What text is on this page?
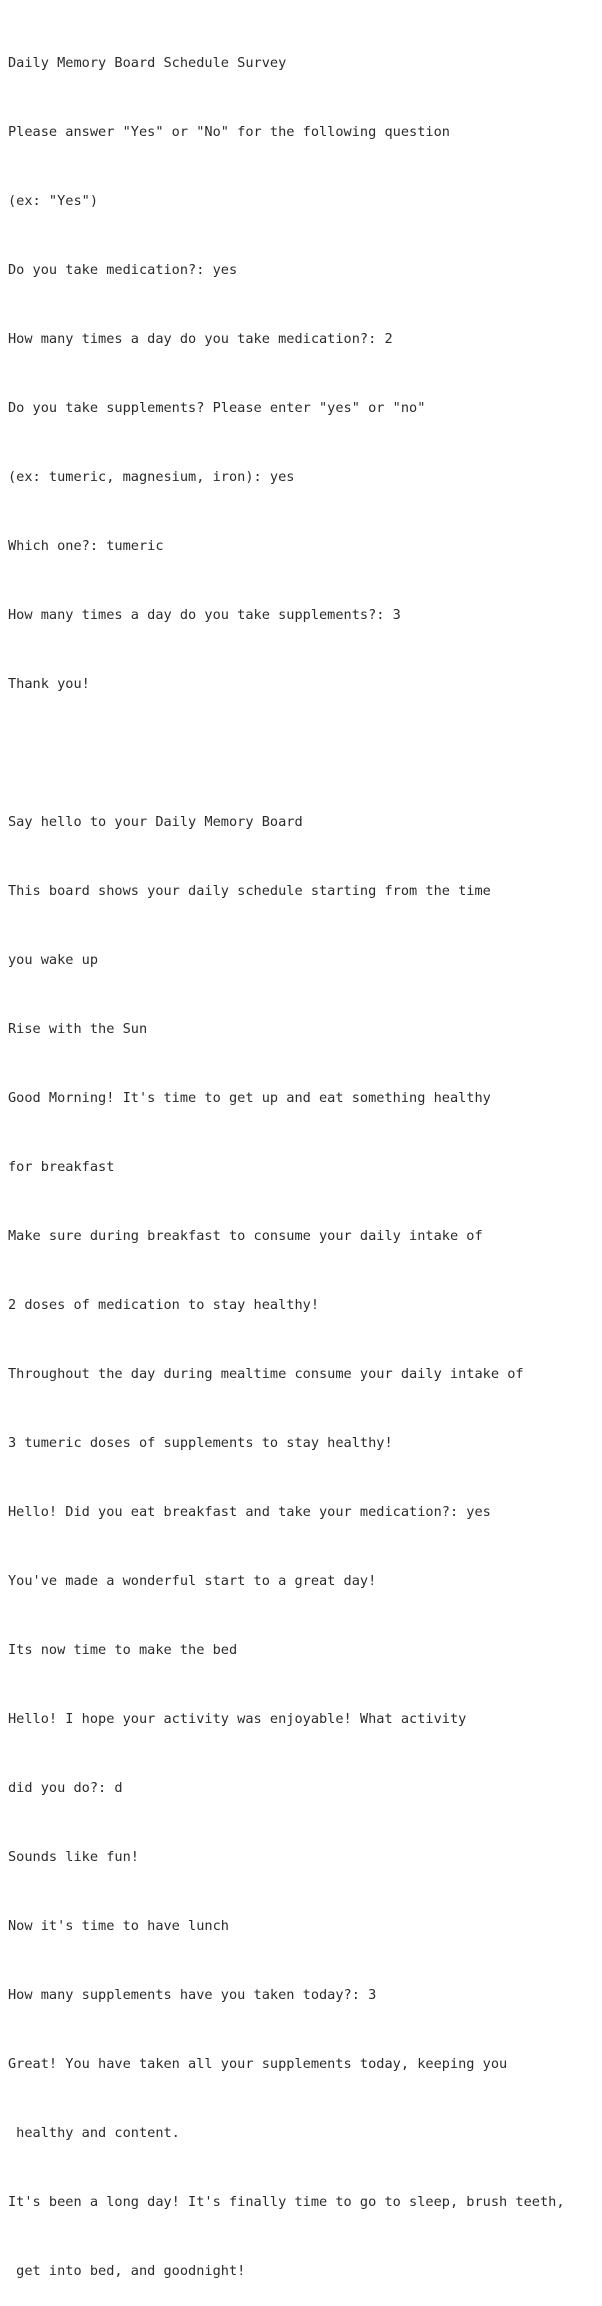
Daily Memory Board Schedule Survey

Please answer "Yes" or "No" for the following question

(ex: "Yes")

Do you take medication?: yes

How many times a day do you take medication?: 2

Do you take supplements? Please enter "yes" or "no"

(ex: tumeric, magnesium, iron): yes

Which one?: tumeric

How many times a day do you take supplements?: 3

Thank you!

Say hello to your Daily Memory Board

This board shows your daily schedule starting from the time

you wake up

Rise with the Sun

Good Morning! It's time to get up and eat something healthy

for breakfast

Make sure during breakfast to consume your daily intake of

2 doses of medication to stay healthy!

Throughout the day during mealtime consume your daily intake of

3 tumeric doses of supplements to stay healthy!

Hello! Did you eat breakfast and take your medication?: yes

You've made a wonderful start to a great day!

Its now time to make the bed

Hello! I hope your activity was enjoyable! What activity

did you do?: d

Sounds like fun!

Now it's time to have lunch

How many supplements have you taken today?: 3

Great! You have taken all your supplements today, keeping you

healthy and content.

It's been a long day! It's finally time to go to sleep, brush teeth,

get into bed, and goodnight!
